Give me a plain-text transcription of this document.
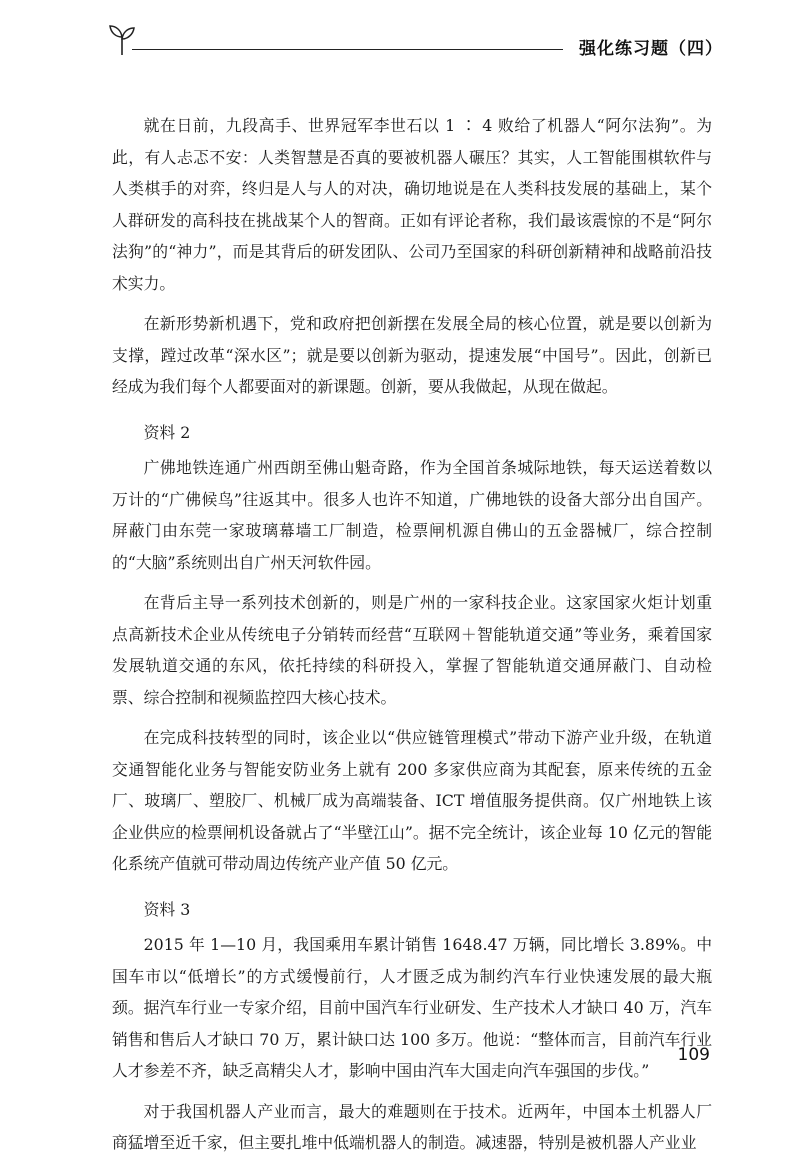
强化练习题（四）

就在日前，九段高手、世界冠军李世石以 1 ∶ 4 败给了机器人“阿尔法狗”。为此，有人忐忑不安：人类智慧是否真的要被机器人碾压？其实，人工智能围棋软件与人类棋手的对弈，终归是人与人的对决，确切地说是在人类科技发展的基础上，某个人群研发的高科技在挑战某个人的智商。正如有评论者称，我们最该震惊的不是“阿尔法狗”的“神力”，而是其背后的研发团队、公司乃至国家的科研创新精神和战略前沿技术实力。

在新形势新机遇下，党和政府把创新摆在发展全局的核心位置，就是要以创新为支撑，蹚过改革“深水区”；就是要以创新为驱动，提速发展“中国号”。因此，创新已经成为我们每个人都要面对的新课题。创新，要从我做起，从现在做起。

资料 2

广佛地铁连通广州西朗至佛山魁奇路，作为全国首条城际地铁，每天运送着数以万计的“广佛候鸟”往返其中。很多人也许不知道，广佛地铁的设备大部分出自国产。屏蔽门由东莞一家玻璃幕墙工厂制造，检票闸机源自佛山的五金器械厂，综合控制的“大脑”系统则出自广州天河软件园。

在背后主导一系列技术创新的，则是广州的一家科技企业。这家国家火炬计划重点高新技术企业从传统电子分销转而经营“互联网＋智能轨道交通”等业务，乘着国家发展轨道交通的东风，依托持续的科研投入，掌握了智能轨道交通屏蔽门、自动检票、综合控制和视频监控四大核心技术。

在完成科技转型的同时，该企业以“供应链管理模式”带动下游产业升级，在轨道交通智能化业务与智能安防业务上就有 200 多家供应商为其配套，原来传统的五金厂、玻璃厂、塑胶厂、机械厂成为高端装备、ICT 增值服务提供商。仅广州地铁上该企业供应的检票闸机设备就占了“半壁江山”。据不完全统计，该企业每 10 亿元的智能化系统产值就可带动周边传统产业产值 50 亿元。

资料 3

2015 年 1—10 月，我国乘用车累计销售 1648.47 万辆，同比增长 3.89%。中国车市以“低增长”的方式缓慢前行，人才匮乏成为制约汽车行业快速发展的最大瓶颈。据汽车行业一专家介绍，目前中国汽车行业研发、生产技术人才缺口 40 万，汽车销售和售后人才缺口 70 万，累计缺口达 100 多万。他说：“整体而言，目前汽车行业人才参差不齐，缺乏高精尖人才，影响中国由汽车大国走向汽车强国的步伐。”

对于我国机器人产业而言，最大的难题则在于技术。近两年，中国本土机器人厂商猛增至近千家，但主要扎堆中低端机器人的制造。减速器，特别是被机器人产业业

109
